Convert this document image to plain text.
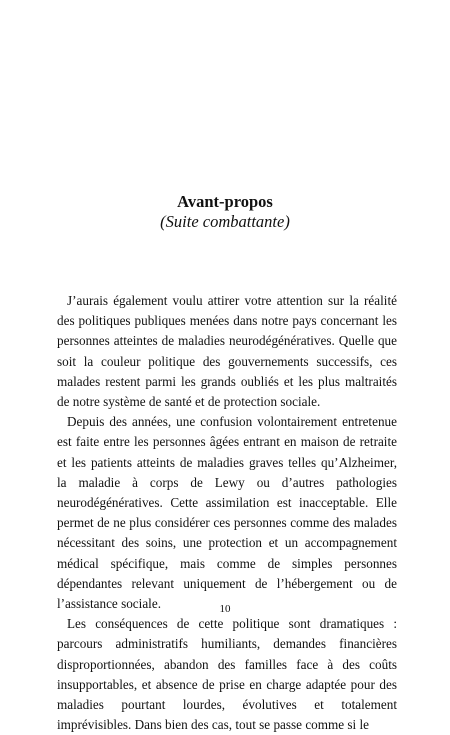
Avant-propos

(Suite combattante)

J’aurais également voulu attirer votre attention sur la réalité des politiques publiques menées dans notre pays concernant les personnes atteintes de maladies neurodégénératives. Quelle que soit la couleur politique des gouvernements successifs, ces malades restent parmi les grands oubliés et les plus maltraités de notre système de santé et de protection sociale.

Depuis des années, une confusion volontairement entretenue est faite entre les personnes âgées entrant en maison de retraite et les patients atteints de maladies graves telles qu’Alzheimer, la maladie à corps de Lewy ou d’autres pathologies neurodégénératives. Cette assimilation est inacceptable. Elle permet de ne plus considérer ces personnes comme des malades nécessitant des soins, une protection et un accompagnement médical spécifique, mais comme de simples personnes dépendantes relevant uniquement de l’hébergement ou de l’assistance sociale.

Les conséquences de cette politique sont dramatiques : parcours administratifs humiliants, demandes financières disproportionnées, abandon des familles face à des coûts insupportables, et absence de prise en charge adaptée pour des maladies pourtant lourdes, évolutives et totalement imprévisibles. Dans bien des cas, tout se passe comme si le

10
